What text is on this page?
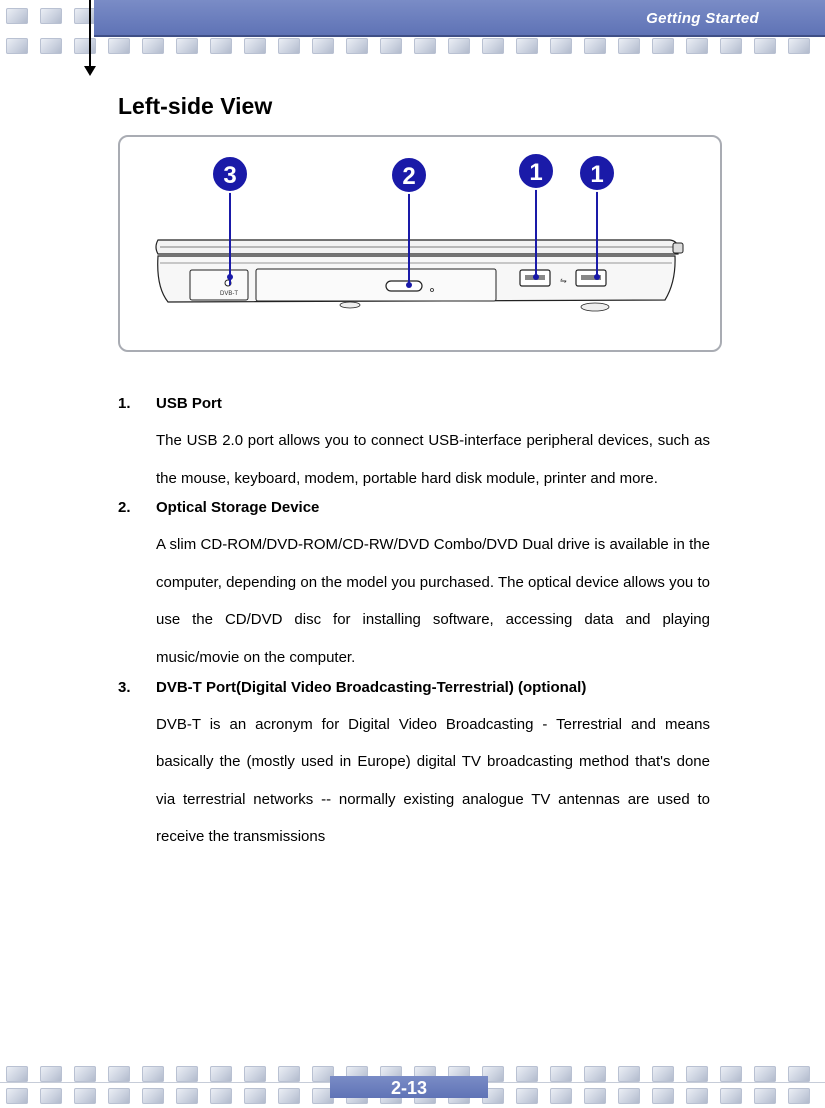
Getting Started
Left-side View
DVB-T
⇋
3	2	1 1
1.	USB Port
The USB 2.0 port allows you to connect USB-interface peripheral devices, such as the mouse, keyboard, modem, portable hard disk module, printer and more.
2.	Optical Storage Device
A slim CD-ROM/DVD-ROM/CD-RW/DVD Combo/DVD Dual drive is available in the computer, depending on the model you purchased. The optical device allows you to use the CD/DVD disc for installing software, accessing data and playing music/movie on the computer.
3.	DVB-T Port(Digital Video Broadcasting-Terrestrial) (optional)
DVB-T is an acronym for Digital Video Broadcasting - Terrestrial and means basically the (mostly used in Europe) digital TV broadcasting method that's done via terrestrial networks -- normally existing analogue TV antennas are used to receive the transmissions
2-13
